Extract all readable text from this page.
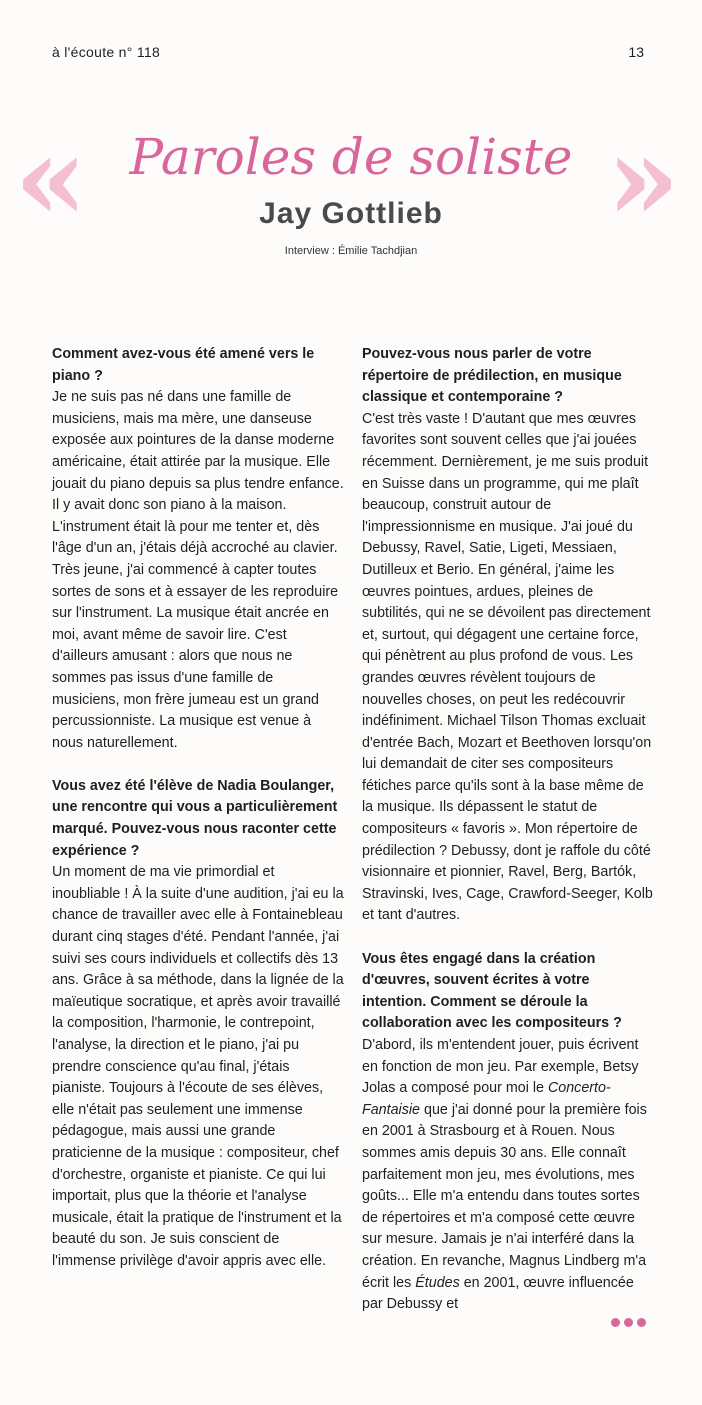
à l'écoute n° 118	13
«	»
Paroles de soliste
Jay Gottlieb
Interview : Émilie Tachdjian

Comment avez-vous été amené vers le piano ?

Je ne suis pas né dans une famille de musiciens, mais ma mère, une danseuse exposée aux pointures de la danse moderne américaine, était attirée par la musique. Elle jouait du piano depuis sa plus tendre enfance. Il y avait donc son piano à la maison. L'instrument était là pour me tenter et, dès l'âge d'un an, j'étais déjà accroché au clavier. Très jeune, j'ai commencé à capter toutes sortes de sons et à essayer de les reproduire sur l'instrument. La musique était ancrée en moi, avant même de savoir lire. C'est d'ailleurs amusant : alors que nous ne sommes pas issus d'une famille de musiciens, mon frère jumeau est un grand percussionniste. La musique est venue à nous naturellement.

Vous avez été l'élève de Nadia Boulanger, une rencontre qui vous a particulièrement marqué. Pouvez-vous nous raconter cette expérience ?

Un moment de ma vie primordial et inoubliable ! À la suite d'une audition, j'ai eu la chance de travailler avec elle à Fontainebleau durant cinq stages d'été. Pendant l'année, j'ai suivi ses cours individuels et collectifs dès 13 ans. Grâce à sa méthode, dans la lignée de la maïeutique socratique, et après avoir travaillé la composition, l'harmonie, le contrepoint, l'analyse, la direction et le piano, j'ai pu prendre conscience qu'au final, j'étais pianiste. Toujours à l'écoute de ses élèves, elle n'était pas seulement une immense pédagogue, mais aussi une grande praticienne de la musique : compositeur, chef d'orchestre, organiste et pianiste. Ce qui lui importait, plus que la théorie et l'analyse musicale, était la pratique de l'instrument et la beauté du son. Je suis conscient de l'immense privilège d'avoir appris avec elle.

Pouvez-vous nous parler de votre répertoire de prédilection, en musique classique et contemporaine ?

C'est très vaste ! D'autant que mes œuvres favorites sont souvent celles que j'ai jouées récemment. Dernièrement, je me suis produit en Suisse dans un programme, qui me plaît beaucoup, construit autour de l'impressionnisme en musique. J'ai joué du Debussy, Ravel, Satie, Ligeti, Messiaen, Dutilleux et Berio. En général, j'aime les œuvres pointues, ardues, pleines de subtilités, qui ne se dévoilent pas directement et, surtout, qui dégagent une certaine force, qui pénètrent au plus profond de vous. Les grandes œuvres révèlent toujours de nouvelles choses, on peut les redécouvrir indéfiniment. Michael Tilson Thomas excluait d'entrée Bach, Mozart et Beethoven lorsqu'on lui demandait de citer ses compositeurs fétiches parce qu'ils sont à la base même de la musique. Ils dépassent le statut de compositeurs « favoris ». Mon répertoire de prédilection ? Debussy, dont je raffole du côté visionnaire et pionnier, Ravel, Berg, Bartók, Stravinski, Ives, Cage, Crawford-Seeger, Kolb et tant d'autres.

Vous êtes engagé dans la création d'œuvres, souvent écrites à votre intention. Comment se déroule la collaboration avec les compositeurs ?

D'abord, ils m'entendent jouer, puis écrivent en fonction de mon jeu. Par exemple, Betsy Jolas a composé pour moi le Concerto-Fantaisie que j'ai donné pour la première fois en 2001 à Strasbourg et à Rouen. Nous sommes amis depuis 30 ans. Elle connaît parfaitement mon jeu, mes évolutions, mes goûts... Elle m'a entendu dans toutes sortes de répertoires et m'a composé cette œuvre sur mesure. Jamais je n'ai interféré dans la création. En revanche, Magnus Lindberg m'a écrit les Études en 2001, œuvre influencée par Debussy et
